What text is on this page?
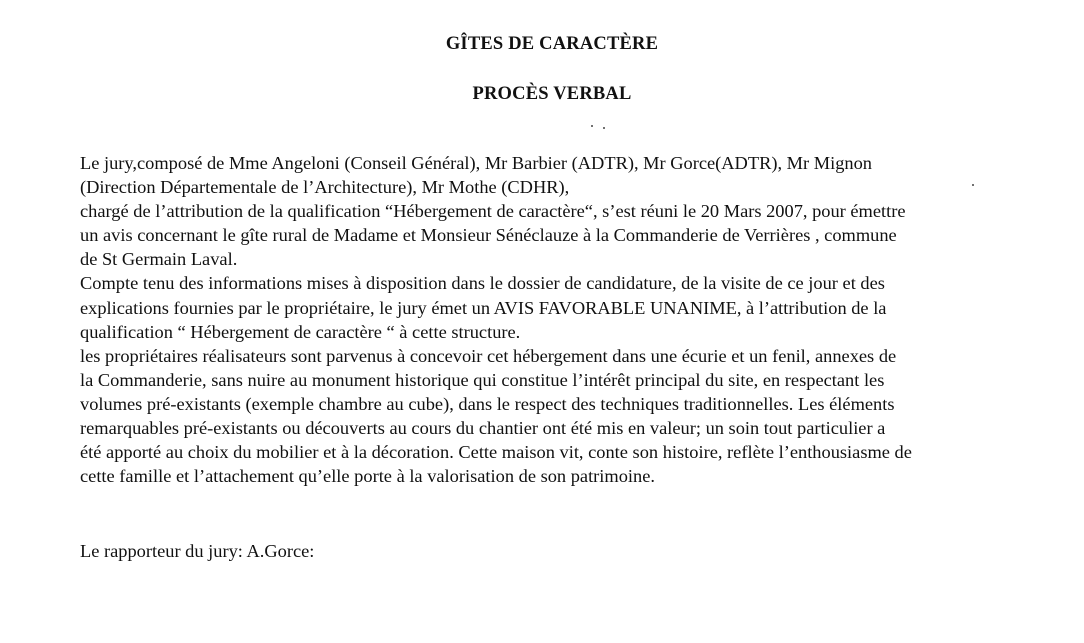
GÎTES DE CARACTÈRE
PROCÈS VERBAL
Le jury,composé de Mme Angeloni (Conseil Général), Mr Barbier (ADTR), Mr Gorce(ADTR), Mr Mignon
(Direction Départementale de l’Architecture), Mr Mothe (CDHR),
chargé de l’attribution de la qualification “Hébergement de caractère“, s’est réuni le 20 Mars 2007, pour émettre
un avis concernant le gîte rural de Madame et Monsieur Sénéclauze à la Commanderie de Verrières , commune
de St Germain Laval.
Compte tenu des informations mises à disposition dans le dossier de candidature, de la visite de ce jour et des
explications fournies par le propriétaire, le jury émet un AVIS FAVORABLE UNANIME, à l’attribution de la
qualification “ Hébergement de caractère “ à cette structure.
les propriétaires réalisateurs sont parvenus à concevoir cet hébergement dans une écurie et un fenil, annexes de
la Commanderie, sans nuire au monument historique qui constitue l’intérêt principal du site, en respectant les
volumes pré-existants (exemple chambre au cube), dans le respect des techniques traditionnelles. Les éléments
remarquables pré-existants ou découverts au cours du chantier ont été mis en valeur; un soin tout particulier a
été apporté au choix du mobilier et à la décoration. Cette maison vit, conte son histoire, reflète l’enthousiasme de
cette famille et l’attachement qu’elle porte à la valorisation de son patrimoine.
Le rapporteur du jury: A.Gorce:
